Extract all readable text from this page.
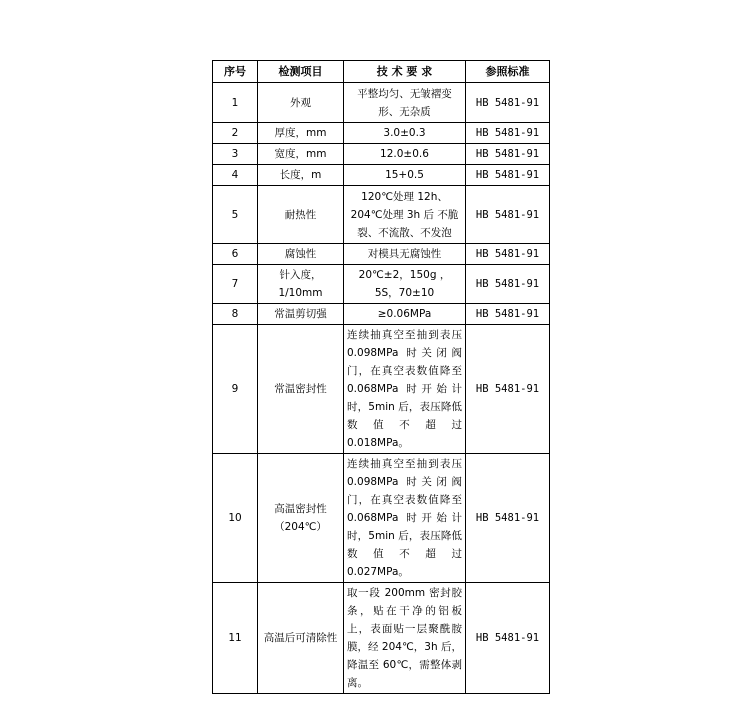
序号	检测项目	技 术 要 求	参照标准
1	外观	平整均匀、无皱褶变形、无杂质	HB 5481-91
2	厚度，mm	3.0±0.3	HB 5481-91
3	宽度，mm	12.0±0.6	HB 5481-91
4	长度，m	15+0.5	HB 5481-91
5	耐热性	120℃处理 12h、204℃处理 3h 后 不脆裂、不流散、不发泡	HB 5481-91
6	腐蚀性	对模具无腐蚀性	HB 5481-91
7	针入度，1/10mm	20℃±2，150g ，5S，70±10	HB 5481-91
8	常温剪切强	≥0.06MPa	HB 5481-91
9	常温密封性	连续抽真空至抽到表压 0.098MPa 时关闭阀门，在真空表数值降至 0.068MPa 时开始计时，5min 后，表压降低数值不超过 0.018MPa。	HB 5481-91
10	高温密封性（204℃）	连续抽真空至抽到表压 0.098MPa 时关闭阀门，在真空表数值降至 0.068MPa 时开始计时，5min 后，表压降低数值不超过 0.027MPa。	HB 5481-91
11	高温后可清除性	取一段 200mm 密封胶条，贴在干净的铝板上，表面贴一层聚酰胺膜，经 204℃，3h 后，降温至 60℃，需整体剥离。	HB 5481-91
